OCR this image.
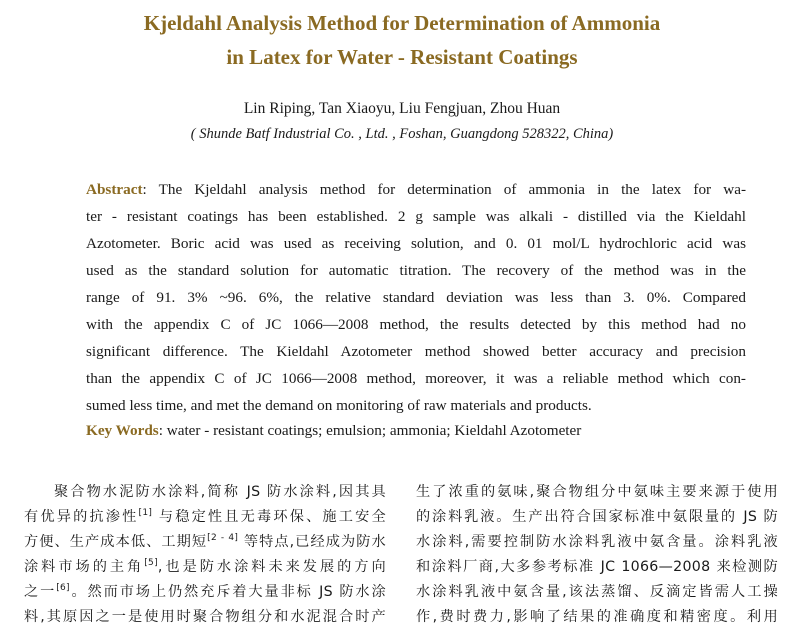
Kjeldahl Analysis Method for Determination of Ammonia
in Latex for Water - Resistant Coatings
Lin Riping, Tan Xiaoyu, Liu Fengjuan, Zhou Huan
( Shunde Batf Industrial Co. , Ltd. , Foshan, Guangdong 528322, China)
Abstract: The Kjeldahl analysis method for determination of ammonia in the latex for wa-
ter - resistant coatings has been established. 2 g sample was alkali - distilled via the Kieldahl
Azotometer. Boric acid was used as receiving solution, and 0. 01 mol/L hydrochloric acid was
used as the standard solution for automatic titration. The recovery of the method was in the
range of 91. 3% ~96. 6%, the relative standard deviation was less than 3. 0%. Compared
with the appendix C of JC 1066—2008 method, the results detected by this method had no
significant difference. The Kieldahl Azotometer method showed better accuracy and precision
than the appendix C of JC 1066—2008 method, moreover, it was a reliable method which con-
sumed less time, and met the demand on monitoring of raw materials and products.
Key Words: water - resistant coatings; emulsion; ammonia; Kieldahl Azotometer
聚合物水泥防水涂料,简称 JS 防水涂料,因其具
有优异的抗渗性[1] 与稳定性且无毒环保、施工安全
方便、生产成本低、工期短[2 - 4] 等特点,已经成为防水
涂料市场的主角[5],也是防水涂料未来发展的方向
之一[6]。然而市场上仍然充斥着大量非标 JS 防水涂
料,其原因之一是使用时聚合物组分和水泥混合时产
生了浓重的氨味,聚合物组分中氨味主要来源于使用
的涂料乳液。生产出符合国家标准中氨限量的 JS 防
水涂料,需要控制防水涂料乳液中氨含量。涂料乳液
和涂料厂商,大多参考标准 JC 1066—2008 来检测防
水涂料乳液中氨含量,该法蒸馏、反滴定皆需人工操
作,费时费力,影响了结果的准确度和精密度。利用
